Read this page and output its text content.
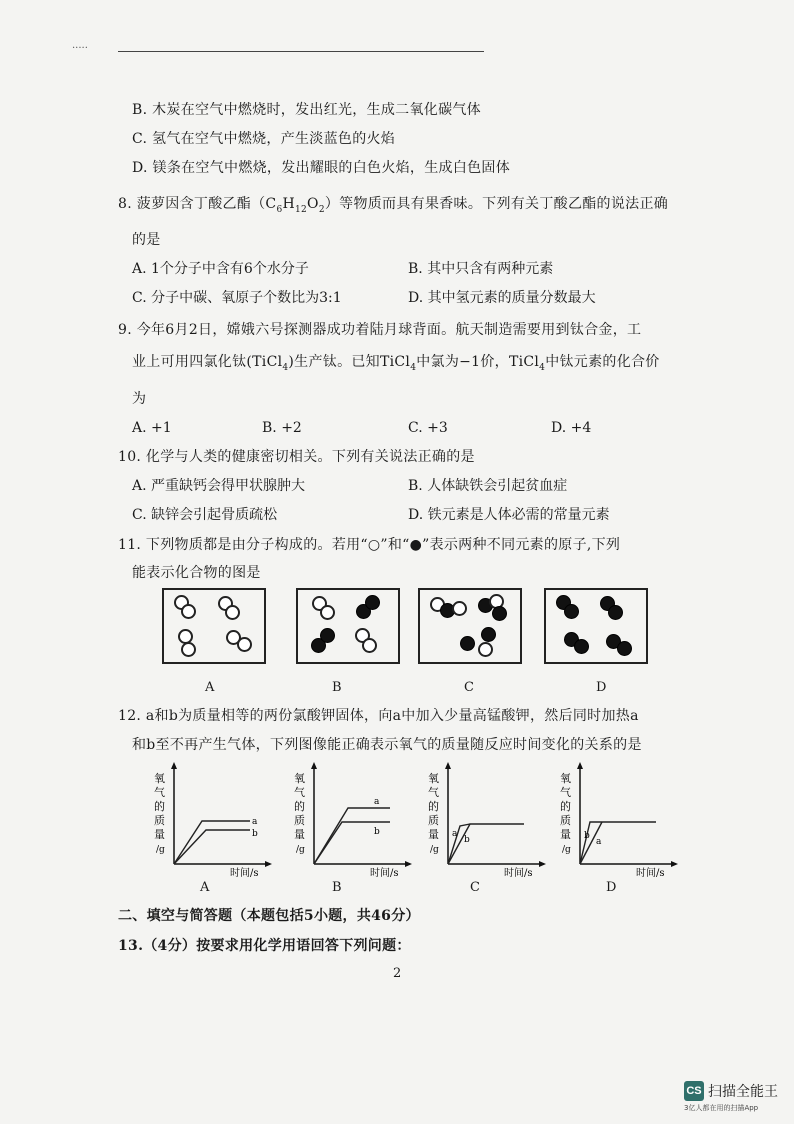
.....
B. 木炭在空气中燃烧时，发出红光，生成二氧化碳气体
C. 氢气在空气中燃烧，产生淡蓝色的火焰
D. 镁条在空气中燃烧，发出耀眼的白色火焰，生成白色固体
8. 菠萝因含丁酸乙酯$(C_6H_{12}O_2)$等物质而具有果香味。下列有关丁酸乙酯的说法正确
的是
A. 1个分子中含有6个水分子	B. 其中只含有两种元素
C. 分子中碳、氧原子个数比为3:1	D. 其中氢元素的质量分数最大
9. 今年6月2日，嫦娥六号探测器成功着陆月球背面。航天制造需要用到钛合金，工
业上可用四氯化钛(TiCl$_4$)生产钛。已知TiCl$_4$中氯为−1价，TiCl$_4$中钛元素的化合价
为
A. +1	B. +2	C. +3	D. +4
10. 化学与人类的健康密切相关。下列有关说法正确的是
A. 严重缺钙会得甲状腺肿大	B. 人体缺铁会引起贫血症
C. 缺锌会引起骨质疏松	D. 铁元素是人体必需的常量元素
11. 下列物质都是由分子构成的。若用“○”和“●”表示两种不同元素的原子,下列
能表示化合物的图是
A	B	C	D
12. a和b为质量相等的两份氯酸钾固体，向a中加入少量高锰酸钾，然后同时加热a
和b至不再产生气体，下列图像能正确表示氧气的质量随反应时间变化的关系的是
a
b
氧
气
的
质
量
/g
时间/s
A
a
b
氧
气
的
质
量
/g
时间/s
B
a
b
氧
气
的
质
量
/g
时间/s
C
b
a
氧
气
的
质
量
/g
时间/s
D
二、填空与简答题（本题包括5小题，共46分）
13.（4分）按要求用化学用语回答下列问题：
2
CS 扫描全能王
3亿人都在用的扫描App
